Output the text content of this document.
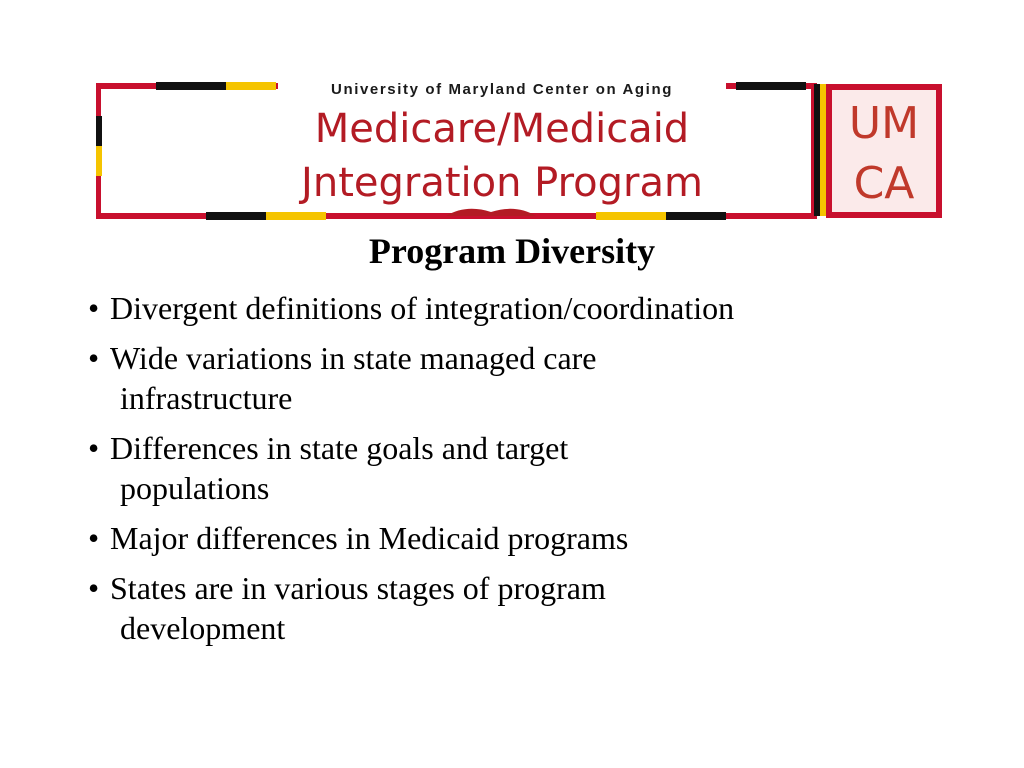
University of Maryland Center on Aging
Medicare/Medicaid
Jntegration Program
UM
CA
Program Diversity
• Divergent definitions of integration/coordination
• Wide variations in state managed care
infrastructure
• Differences in state goals and target
populations
• Major differences in Medicaid programs
• States are in various stages of program
development
